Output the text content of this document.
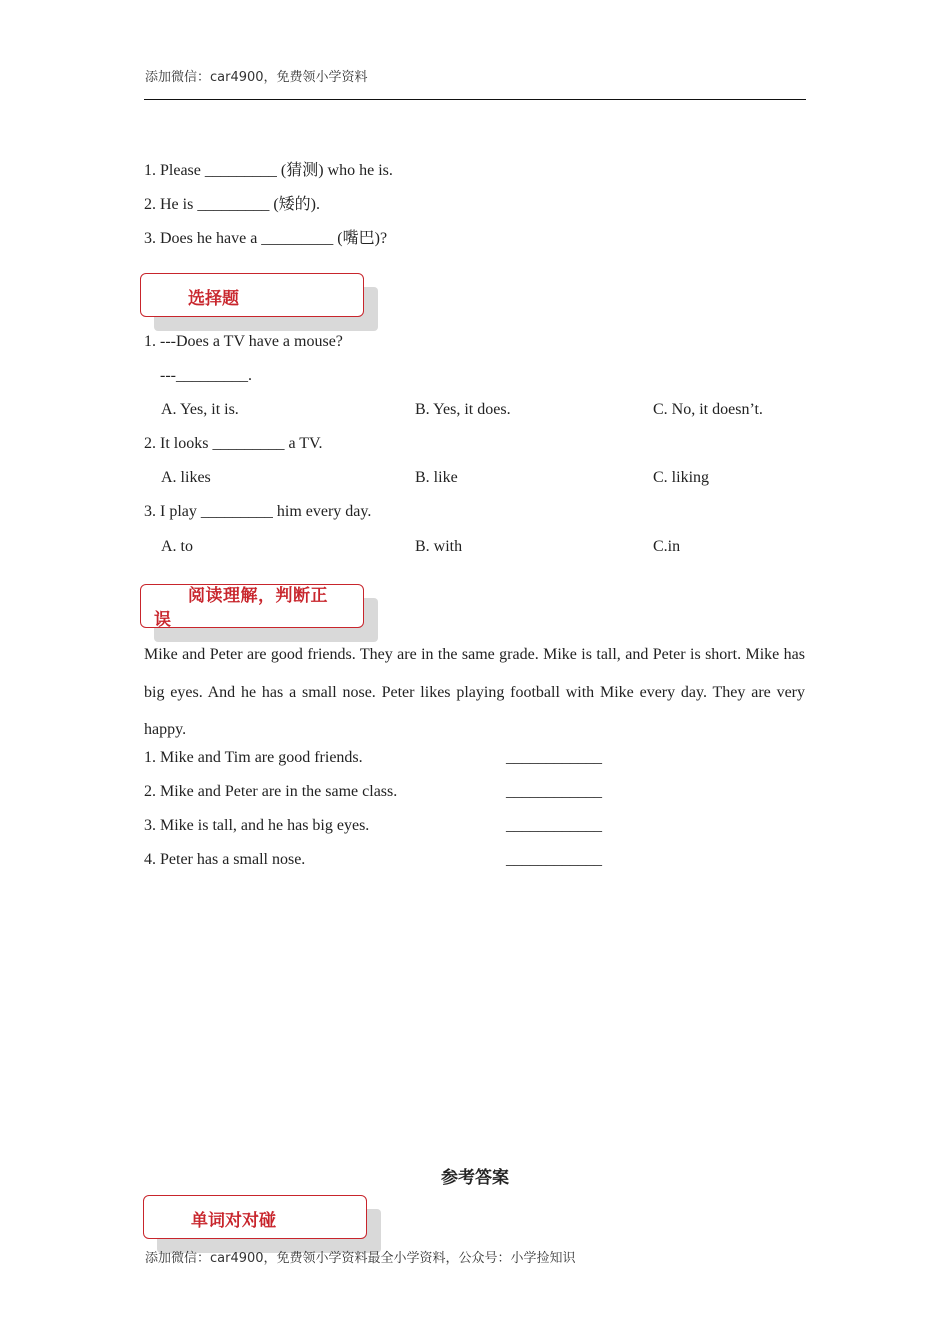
添加微信：car4900，免费领小学资料
1. Please _________ (猜测) who he is.
2. He is _________ (矮的).
3. Does he have a _________ (嘴巴)?
选择题
1. ---Does a TV have a mouse?
---_________.
A. Yes, it is.	B. Yes, it does.	C. No, it doesn’t.
2. It looks _________ a TV.
A. likes	B. like	C. liking
3. I play _________ him every day.
A. to	B. with	C.in
阅读理解，判断正
误
Mike and Peter are good friends. They are in the same grade. Mike is tall, and Peter is short. Mike has big eyes. And he has a small nose. Peter likes playing football with Mike every day. They are very happy.
1. Mike and Tim are good friends.	____________
2. Mike and Peter are in the same class.	____________
3. Mike is tall, and he has big eyes.	____________
4. Peter has a small nose.	____________
参考答案
单词对对碰
添加微信：car4900，免费领小学资料最全小学资料，公众号：小学捡知识
